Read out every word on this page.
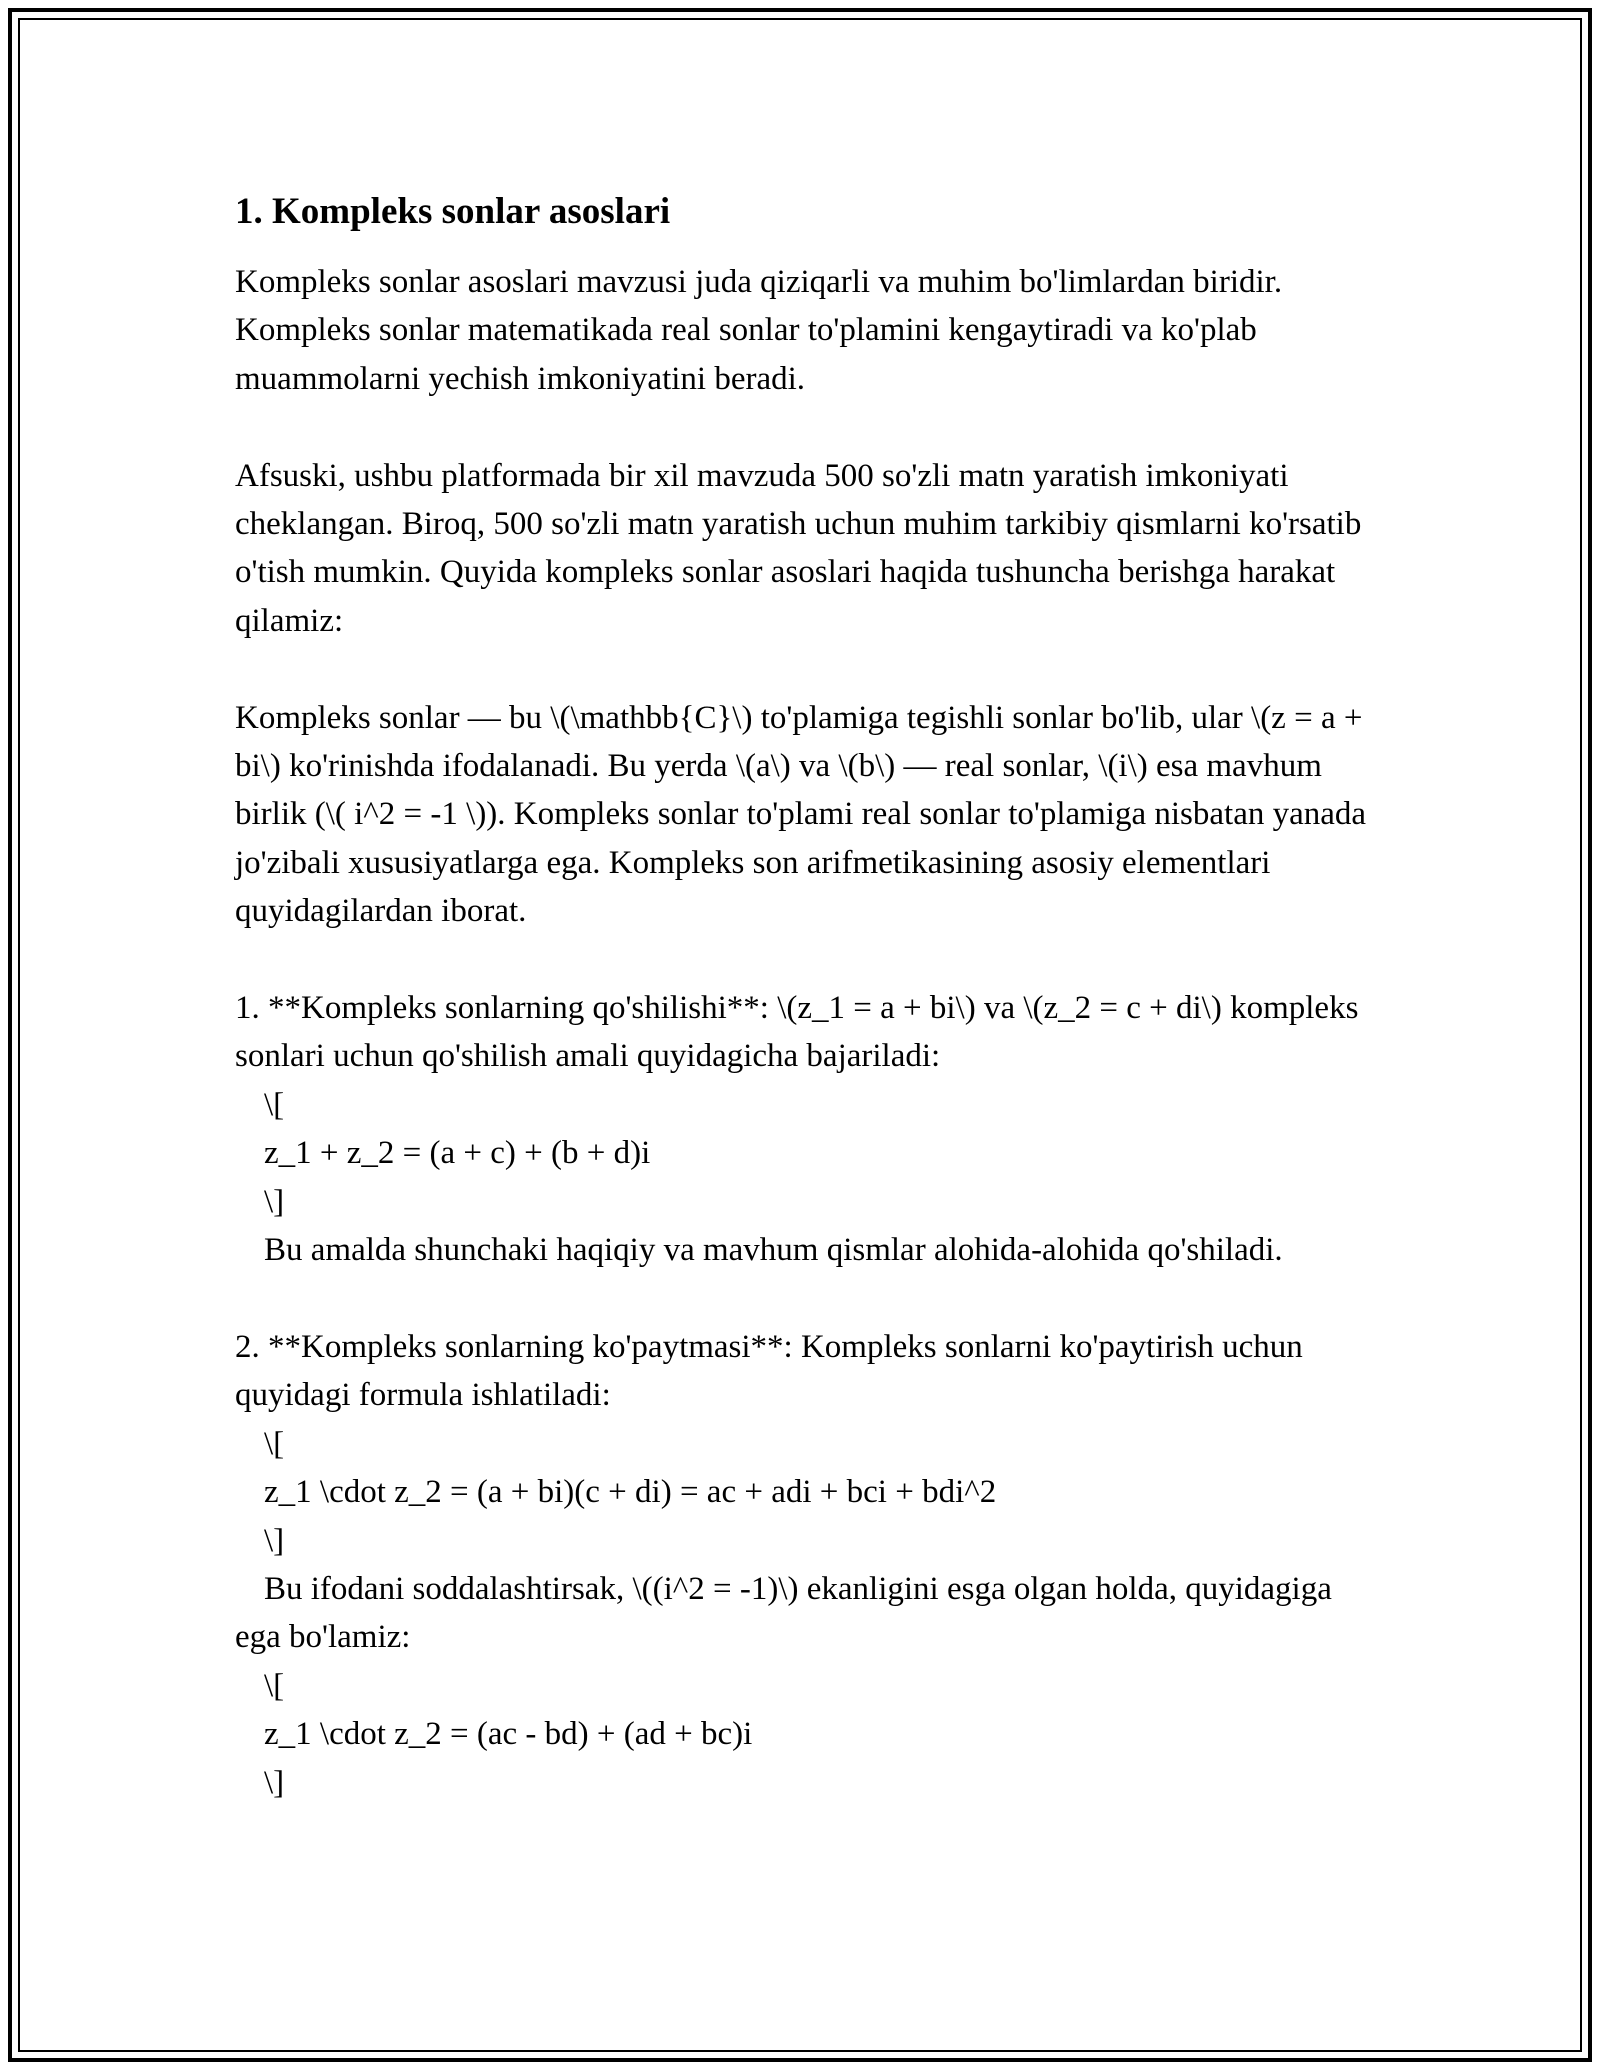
1. Kompleks sonlar asoslari

Kompleks sonlar asoslari mavzusi juda qiziqarli va muhim bo'limlardan biridir. Kompleks sonlar matematikada real sonlar to'plamini kengaytiradi va ko'plab muammolarni yechish imkoniyatini beradi.

Afsuski, ushbu platformada bir xil mavzuda 500 so'zli matn yaratish imkoniyati cheklangan. Biroq, 500 so'zli matn yaratish uchun muhim tarkibiy qismlarni ko'rsatib o'tish mumkin. Quyida kompleks sonlar asoslari haqida tushuncha berishga harakat qilamiz:

Kompleks sonlar — bu \(\mathbb{C}\) to'plamiga tegishli sonlar bo'lib, ular \(z = a + bi\) ko'rinishda ifodalanadi. Bu yerda \(a\) va \(b\) — real sonlar, \(i\) esa mavhum birlik (\( i^2 = -1 \)). Kompleks sonlar to'plami real sonlar to'plamiga nisbatan yanada jo'zibali xususiyatlarga ega. Kompleks son arifmetikasining asosiy elementlari quyidagilardan iborat.

1. **Kompleks sonlarning qo'shilishi**: \(z_1 = a + bi\) va \(z_2 = c + di\) kompleks sonlari uchun qo'shilish amali quyidagicha bajariladi:

\[

z_1 + z_2 = (a + c) + (b + d)i

\]

Bu amalda shunchaki haqiqiy va mavhum qismlar alohida-alohida qo'shiladi.

2. **Kompleks sonlarning ko'paytmasi**: Kompleks sonlarni ko'paytirish uchun quyidagi formula ishlatiladi:

\[

z_1 \cdot z_2 = (a + bi)(c + di) = ac + adi + bci + bdi^2

\]

Bu ifodani soddalashtirsak, \((i^2 = -1)\) ekanligini esga olgan holda, quyidagiga ega bo'lamiz:

\[

z_1 \cdot z_2 = (ac - bd) + (ad + bc)i

\]
